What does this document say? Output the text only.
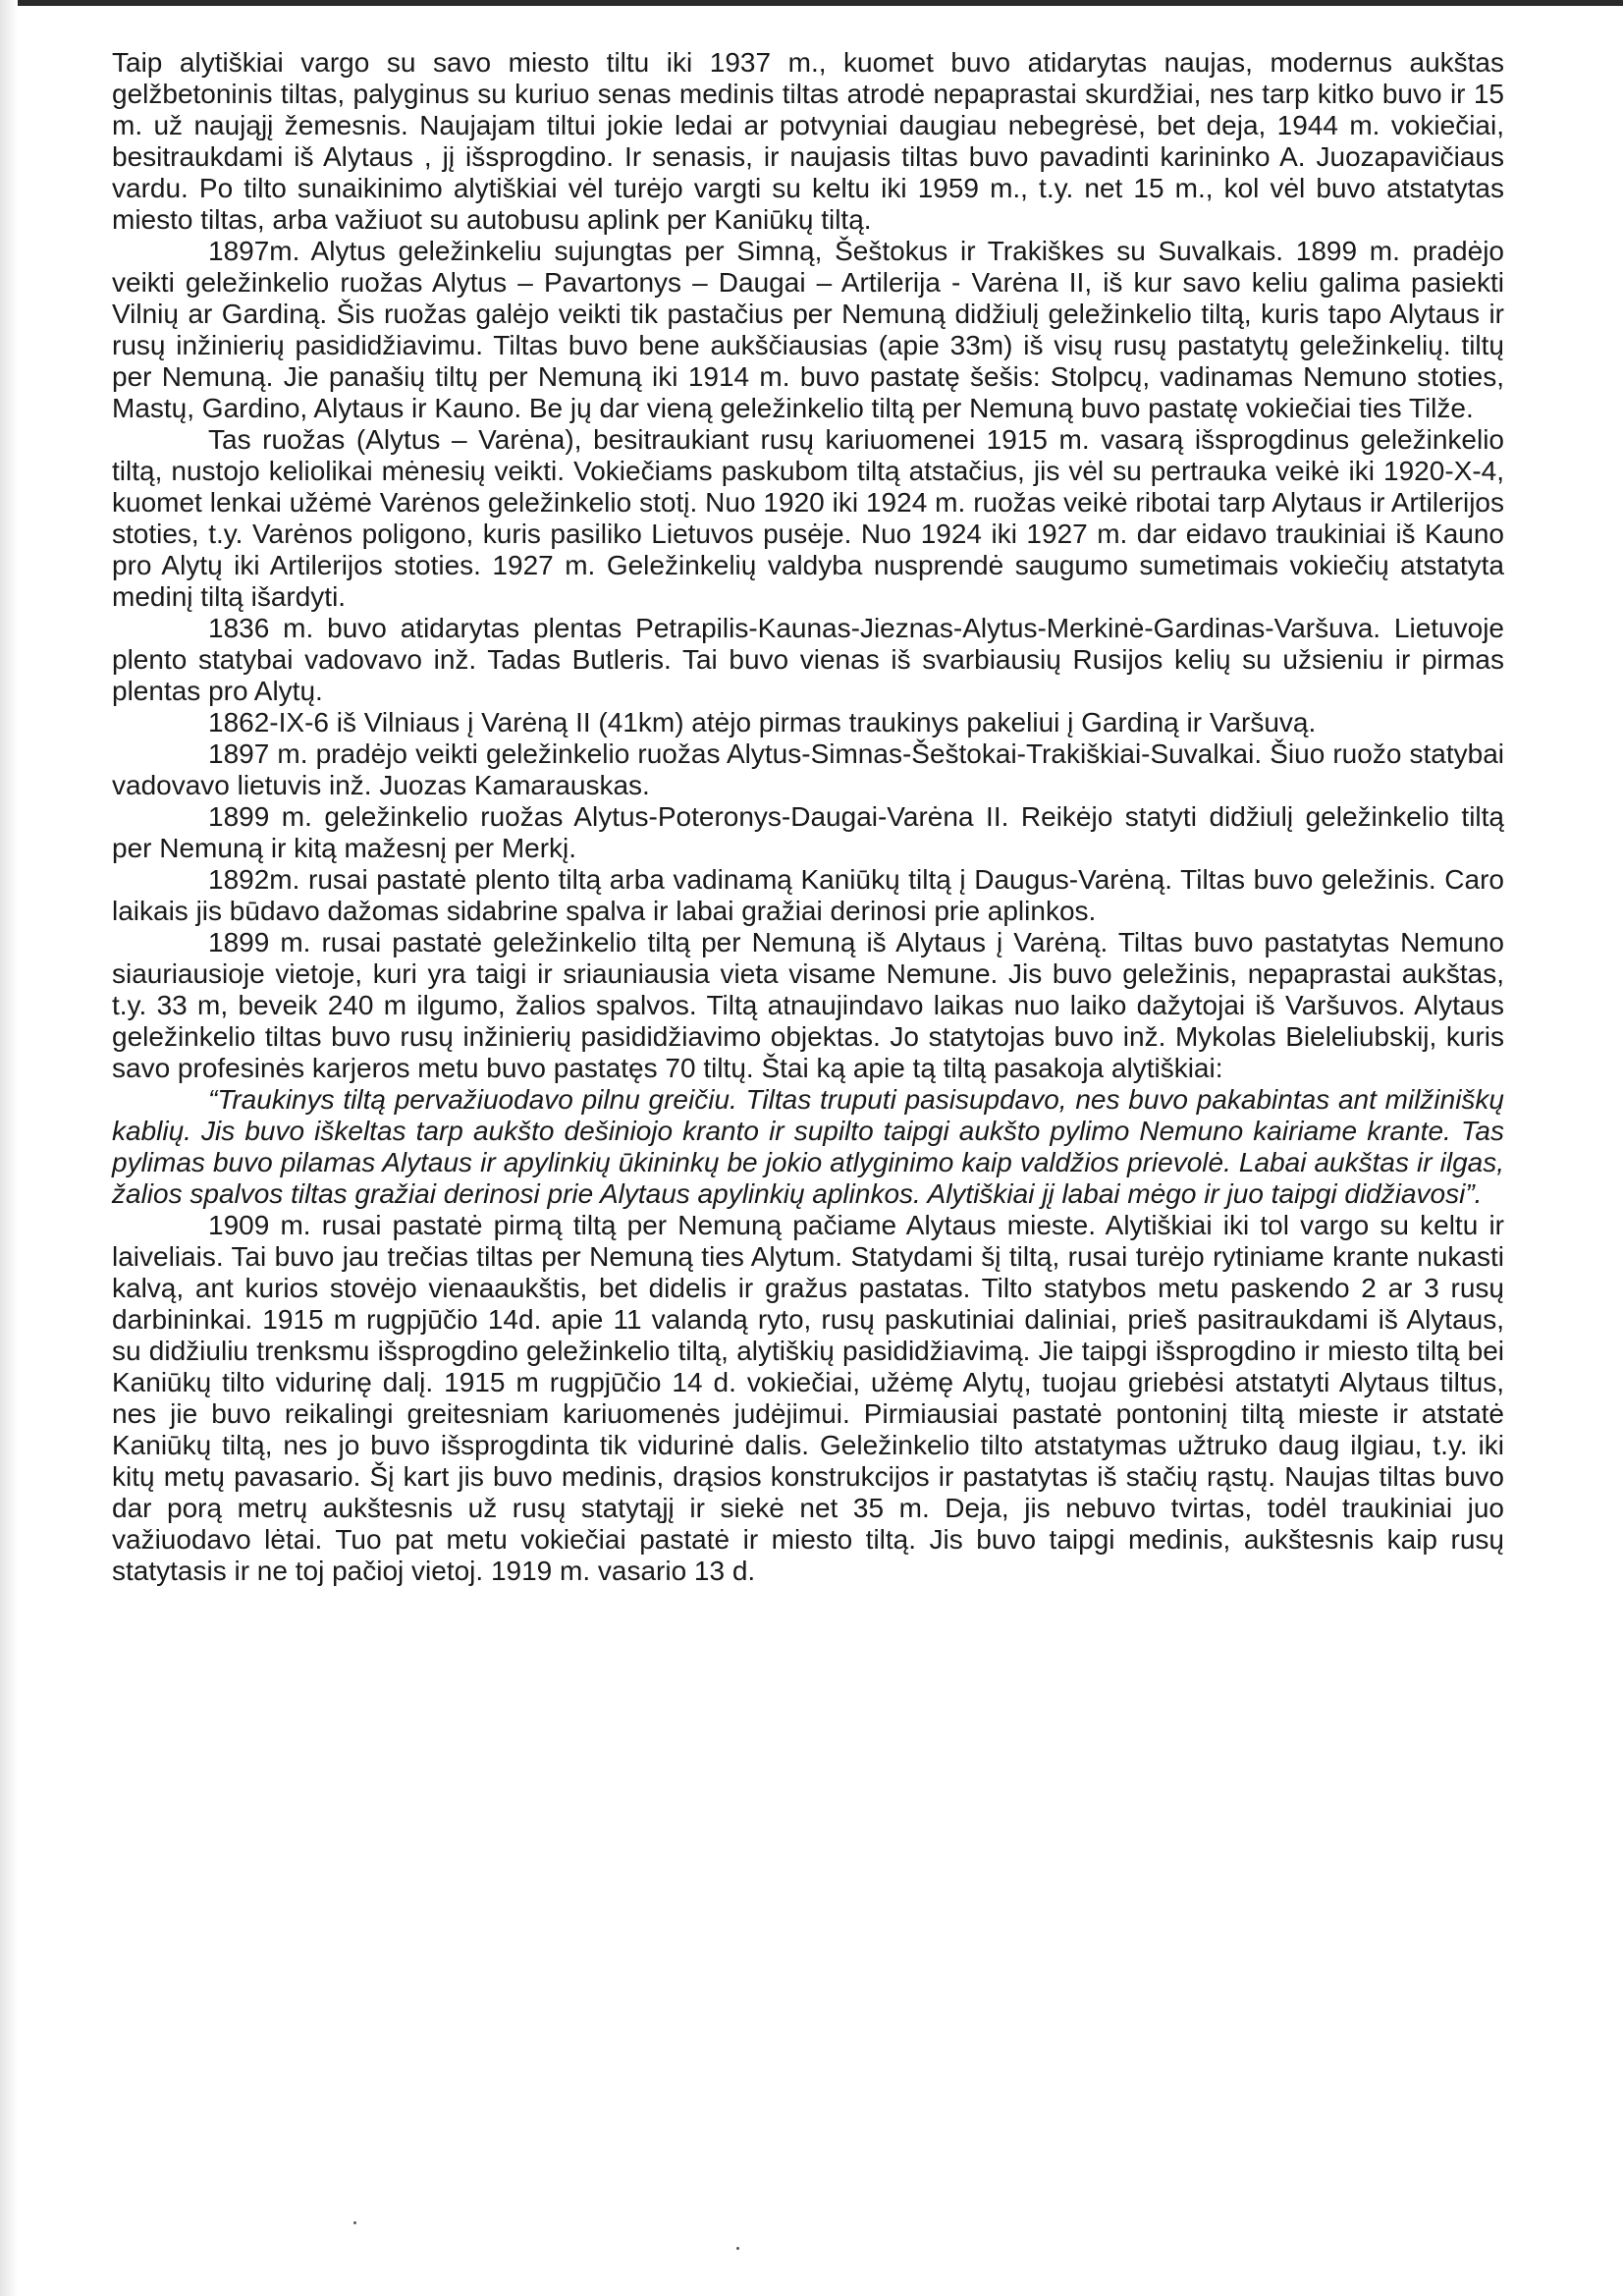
Taip alytiškiai vargo su savo miesto tiltu iki 1937 m., kuomet buvo atidarytas naujas, modernus aukštas gelžbetoninis tiltas, palyginus su kuriuo senas medinis tiltas atrodė nepaprastai skurdžiai, nes tarp kitko buvo ir 15 m. už naująjį žemesnis. Naujajam tiltui jokie ledai ar potvyniai daugiau nebegrėsė, bet deja, 1944 m. vokiečiai, besitraukdami iš Alytaus , jį išsprogdino. Ir senasis, ir naujasis tiltas buvo pavadinti karininko A. Juozapavičiaus vardu. Po tilto sunaikinimo alytiškiai vėl turėjo vargti su keltu iki 1959 m., t.y. net 15 m., kol vėl buvo atstatytas miesto tiltas, arba važiuot su autobusu aplink per Kaniūkų tiltą.

1897m. Alytus geležinkeliu sujungtas per Simną, Šeštokus ir Trakiškes su Suvalkais. 1899 m. pradėjo veikti geležinkelio ruožas Alytus – Pavartonys – Daugai – Artilerija - Varėna II, iš kur savo keliu galima pasiekti Vilnių ar Gardiną. Šis ruožas galėjo veikti tik pastačius per Nemuną didžiulį geležinkelio tiltą, kuris tapo Alytaus ir rusų inžinierių pasididžiavimu. Tiltas buvo bene aukščiausias (apie 33m) iš visų rusų pastatytų geležinkelių. tiltų per Nemuną. Jie panašių tiltų per Nemuną iki 1914 m. buvo pastatę šešis: Stolpcų, vadinamas Nemuno stoties, Mastų, Gardino, Alytaus ir Kauno. Be jų dar vieną geležinkelio tiltą per Nemuną buvo pastatę vokiečiai ties Tilže.

Tas ruožas (Alytus – Varėna), besitraukiant rusų kariuomenei 1915 m. vasarą išsprogdinus geležinkelio tiltą, nustojo keliolikai mėnesių veikti. Vokiečiams paskubom tiltą atstačius, jis vėl su pertrauka veikė iki 1920-X-4, kuomet lenkai užėmė Varėnos geležinkelio stotį. Nuo 1920 iki 1924 m. ruožas veikė ribotai tarp Alytaus ir Artilerijos stoties, t.y. Varėnos poligono, kuris pasiliko Lietuvos pusėje. Nuo 1924 iki 1927 m. dar eidavo traukiniai iš Kauno pro Alytų iki Artilerijos stoties. 1927 m. Geležinkelių valdyba nusprendė saugumo sumetimais vokiečių atstatyta medinį tiltą išardyti.

1836 m. buvo atidarytas plentas Petrapilis-Kaunas-Jieznas-Alytus-Merkinė-Gardinas-Varšuva. Lietuvoje plento statybai vadovavo inž. Tadas Butleris. Tai buvo vienas iš svarbiausių Rusijos kelių su užsieniu ir pirmas plentas pro Alytų.

1862-IX-6 iš Vilniaus į Varėną II (41km) atėjo pirmas traukinys pakeliui į Gardiną ir Varšuvą.

1897 m. pradėjo veikti geležinkelio ruožas Alytus-Simnas-Šeštokai-Trakiškiai-Suvalkai. Šiuo ruožo statybai vadovavo lietuvis inž. Juozas Kamarauskas.

1899 m. geležinkelio ruožas Alytus-Poteronys-Daugai-Varėna II. Reikėjo statyti didžiulį geležinkelio tiltą per Nemuną ir kitą mažesnį per Merkį.

1892m. rusai pastatė plento tiltą arba vadinamą Kaniūkų tiltą į Daugus-Varėną. Tiltas buvo geležinis. Caro laikais jis būdavo dažomas sidabrine spalva ir labai gražiai derinosi prie aplinkos.

1899 m. rusai pastatė geležinkelio tiltą per Nemuną iš Alytaus į Varėną. Tiltas buvo pastatytas Nemuno siauriausioje vietoje, kuri yra taigi ir sriauniausia vieta visame Nemune. Jis buvo geležinis, nepaprastai aukštas, t.y. 33 m, beveik 240 m ilgumo, žalios spalvos. Tiltą atnaujindavo laikas nuo laiko dažytojai iš Varšuvos. Alytaus geležinkelio tiltas buvo rusų inžinierių pasididžiavimo objektas. Jo statytojas buvo inž. Mykolas Bieleliubskij, kuris savo profesinės karjeros metu buvo pastatęs 70 tiltų. Štai ką apie tą tiltą pasakoja alytiškiai:

“Traukinys tiltą pervažiuodavo pilnu greičiu. Tiltas truputi pasisupdavo, nes buvo pakabintas ant milžiniškų kablių. Jis buvo iškeltas tarp aukšto dešiniojo kranto ir supilto taipgi aukšto pylimo Nemuno kairiame krante. Tas pylimas buvo pilamas Alytaus ir apylinkių ūkininkų be jokio atlyginimo kaip valdžios prievolė. Labai aukštas ir ilgas, žalios spalvos tiltas gražiai derinosi prie Alytaus apylinkių aplinkos. Alytiškiai jį labai mėgo ir juo taipgi didžiavosi”.

1909 m. rusai pastatė pirmą tiltą per Nemuną pačiame Alytaus mieste. Alytiškiai iki tol vargo su keltu ir laiveliais. Tai buvo jau trečias tiltas per Nemuną ties Alytum. Statydami šį tiltą, rusai turėjo rytiniame krante nukasti kalvą, ant kurios stovėjo vienaaukštis, bet didelis ir gražus pastatas. Tilto statybos metu paskendo 2 ar 3 rusų darbininkai. 1915 m rugpjūčio 14d. apie 11 valandą ryto, rusų paskutiniai daliniai, prieš pasitraukdami iš Alytaus, su didžiuliu trenksmu išsprogdino geležinkelio tiltą, alytiškių pasididžiavimą. Jie taipgi išsprogdino ir miesto tiltą bei Kaniūkų tilto vidurinę dalį. 1915 m rugpjūčio 14 d. vokiečiai, užėmę Alytų, tuojau griebėsi atstatyti Alytaus tiltus, nes jie buvo reikalingi greitesniam kariuomenės judėjimui. Pirmiausiai pastatė pontoninį tiltą mieste ir atstatė Kaniūkų tiltą, nes jo buvo išsprogdinta tik vidurinė dalis. Geležinkelio tilto atstatymas užtruko daug ilgiau, t.y. iki kitų metų pavasario. Šį kart jis buvo medinis, drąsios konstrukcijos ir pastatytas iš stačių rąstų. Naujas tiltas buvo dar porą metrų aukštesnis už rusų statytąjį ir siekė net 35 m. Deja, jis nebuvo tvirtas, todėl traukiniai juo važiuodavo lėtai. Tuo pat metu vokiečiai pastatė ir miesto tiltą. Jis buvo taipgi medinis, aukštesnis kaip rusų statytasis ir ne toj pačioj vietoj. 1919 m. vasario 13 d.
